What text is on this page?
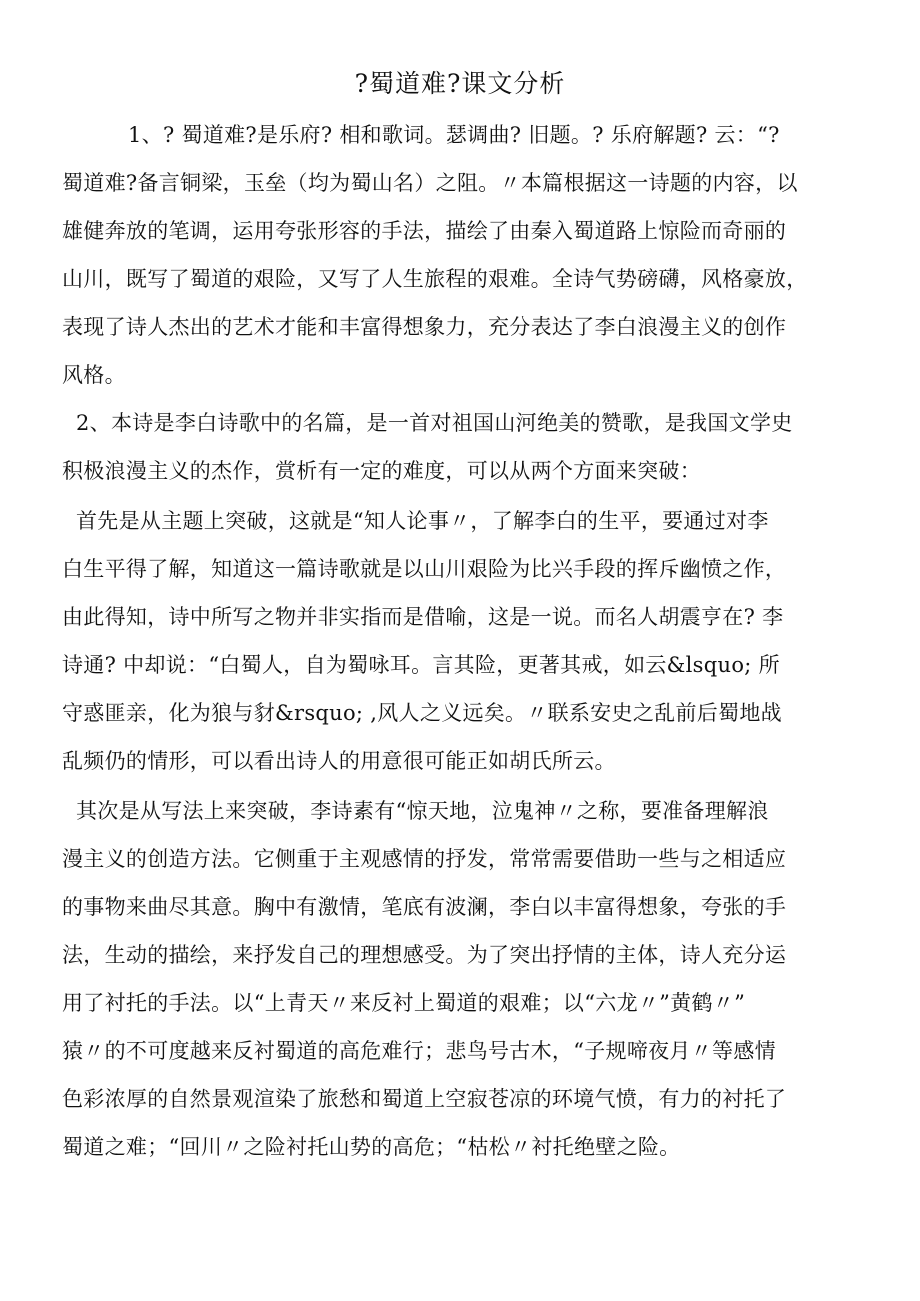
?蜀道难?课文分析
1、? 蜀道难?是乐府? 相和歌词。瑟调曲? 旧题。? 乐府解题? 云：“?
蜀道难?备言铜梁，玉垒（均为蜀山名）之阻。〃本篇根据这一诗题的内容，以
雄健奔放的笔调，运用夸张形容的手法，描绘了由秦入蜀道路上惊险而奇丽的
山川，既写了蜀道的艰险，又写了人生旅程的艰难。全诗气势磅礴，风格豪放，
表现了诗人杰出的艺术才能和丰富得想象力，充分表达了李白浪漫主义的创作
风格。
2、本诗是李白诗歌中的名篇，是一首对祖国山河绝美的赞歌，是我国文学史
积极浪漫主义的杰作，赏析有一定的难度，可以从两个方面来突破：
首先是从主题上突破，这就是“知人论事〃，了解李白的生平，要通过对李
白生平得了解，知道这一篇诗歌就是以山川艰险为比兴手段的挥斥幽愤之作，
由此得知，诗中所写之物并非实指而是借喻，这是一说。而名人胡震亨在? 李
诗通? 中却说：“白蜀人，自为蜀咏耳。言其险，更著其戒，如云&lsquo; 所
守惑匪亲，化为狼与豺&rsquo; ,风人之义远矣。〃联系安史之乱前后蜀地战
乱频仍的情形，可以看出诗人的用意很可能正如胡氏所云。
其次是从写法上来突破，李诗素有“惊天地，泣鬼神〃之称，要准备理解浪
漫主义的创造方法。它侧重于主观感情的抒发，常常需要借助一些与之相适应
的事物来曲尽其意。胸中有激情，笔底有波澜，李白以丰富得想象，夸张的手
法，生动的描绘，来抒发自己的理想感受。为了突出抒情的主体，诗人充分运
用了衬托的手法。以“上青天〃来反衬上蜀道的艰难；以“六龙〃”黄鹤〃”
猿〃的不可度越来反衬蜀道的高危难行；悲鸟号古木，“子规啼夜月〃等感情
色彩浓厚的自然景观渲染了旅愁和蜀道上空寂苍凉的环境气愤，有力的衬托了
蜀道之难；“回川〃之险衬托山势的高危；“枯松〃衬托绝壁之险。
